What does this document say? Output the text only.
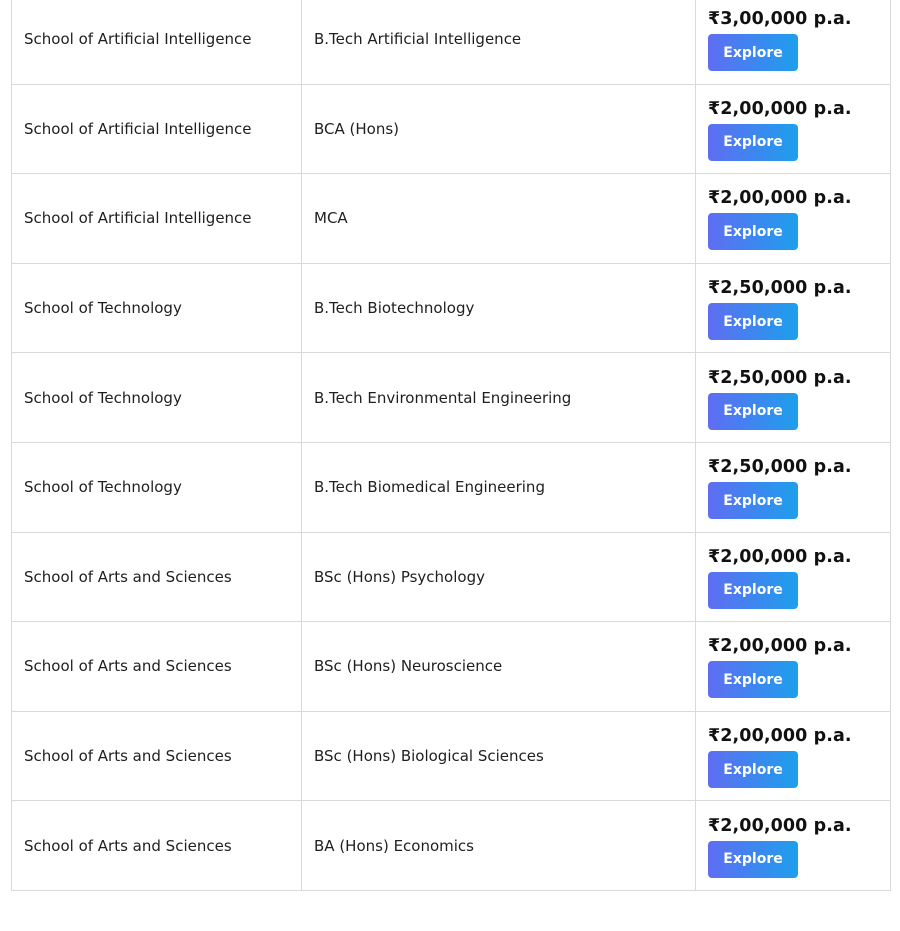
School of Artificial Intelligence	B.Tech Artificial Intelligence	₹3,00,000 p.a.
Explore

School of Artificial Intelligence	BCA (Hons)	₹2,00,000 p.a.
Explore

School of Artificial Intelligence	MCA	₹2,00,000 p.a.
Explore

School of Technology	B.Tech Biotechnology	₹2,50,000 p.a.
Explore

School of Technology	B.Tech Environmental Engineering	₹2,50,000 p.a.
Explore

School of Technology	B.Tech Biomedical Engineering	₹2,50,000 p.a.
Explore

School of Arts and Sciences	BSc (Hons) Psychology	₹2,00,000 p.a.
Explore

School of Arts and Sciences	BSc (Hons) Neuroscience	₹2,00,000 p.a.
Explore

School of Arts and Sciences	BSc (Hons) Biological Sciences	₹2,00,000 p.a.
Explore

School of Arts and Sciences	BA (Hons) Economics	₹2,00,000 p.a.
Explore
